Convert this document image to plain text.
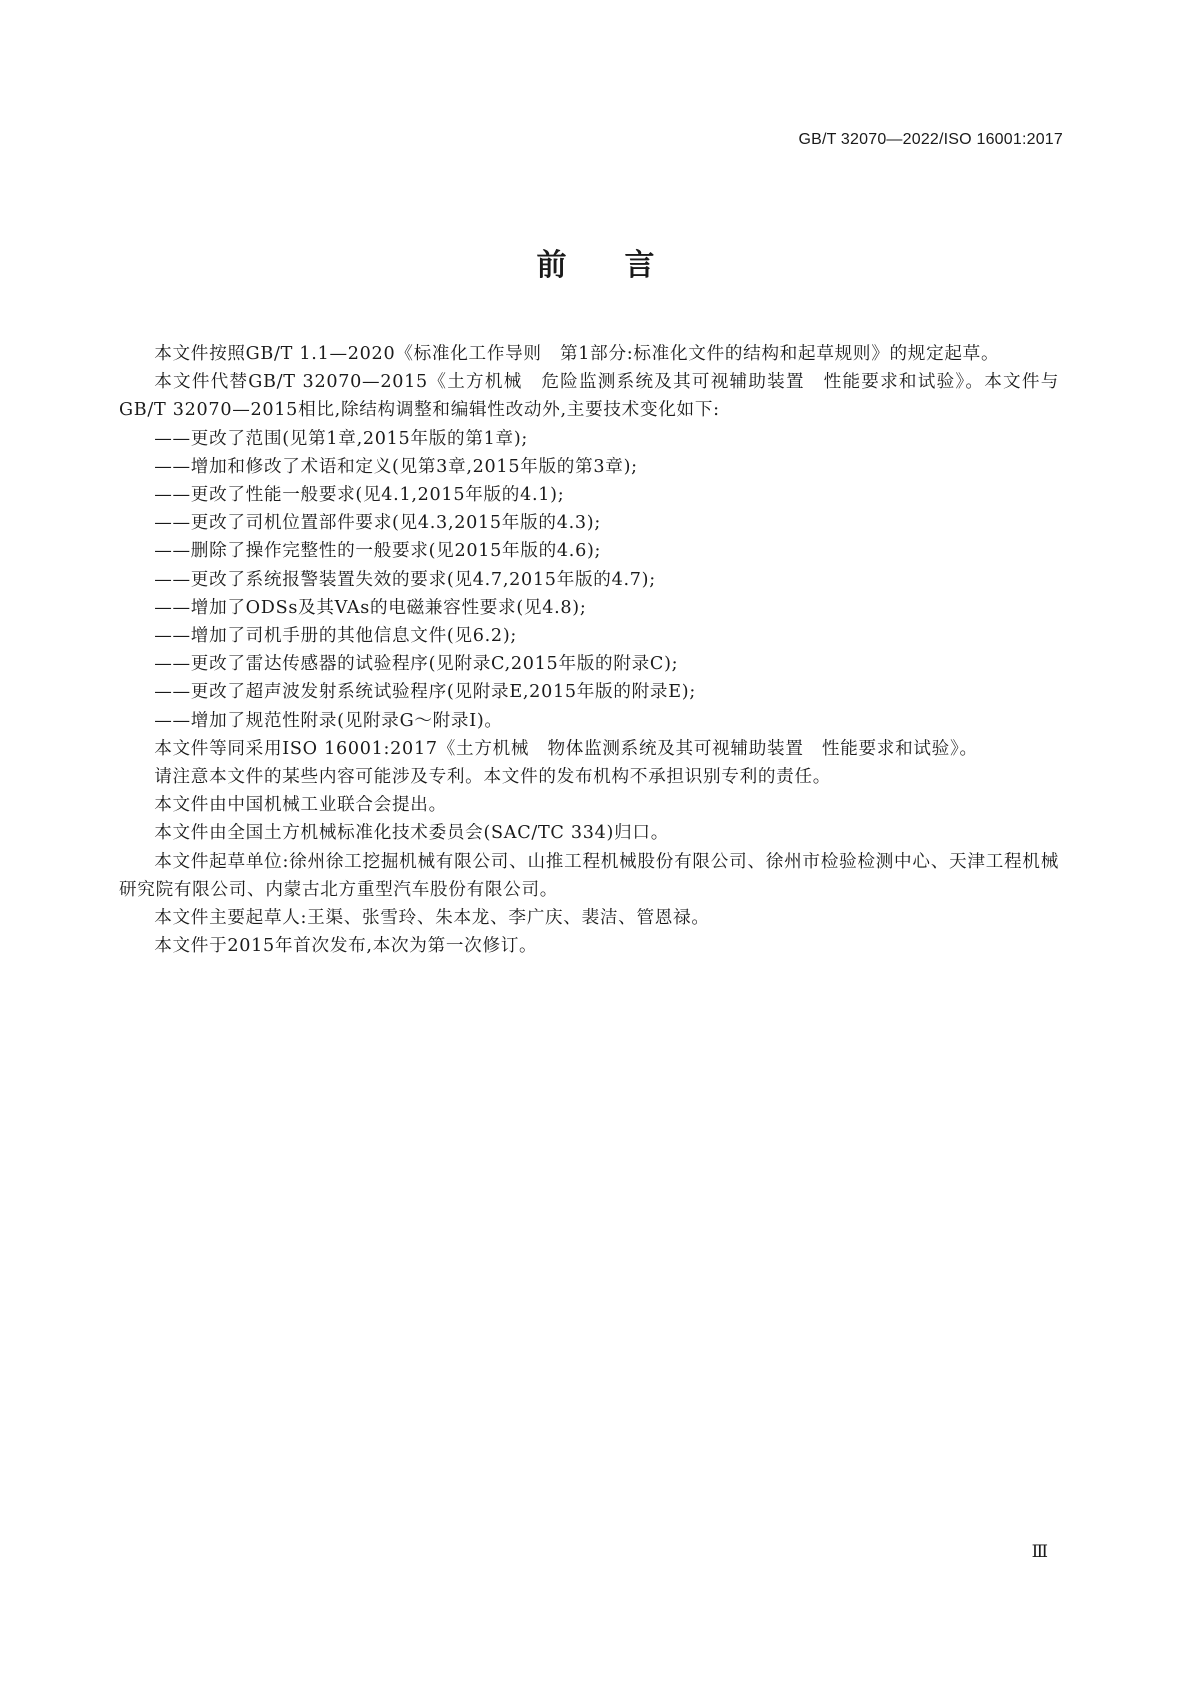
GB/T 32070—2022/ISO 16001:2017
前言

本文件按照GB/T 1.1—2020《标准化工作导则　第1部分:标准化文件的结构和起草规则》的规定起草。

本文件代替GB/T 32070—2015《土方机械　危险监测系统及其可视辅助装置　性能要求和试验》。本文件与GB/T 32070—2015相比,除结构调整和编辑性改动外,主要技术变化如下:

——更改了范围(见第1章,2015年版的第1章);
——增加和修改了术语和定义(见第3章,2015年版的第3章);
——更改了性能一般要求(见4.1,2015年版的4.1);
——更改了司机位置部件要求(见4.3,2015年版的4.3);
——删除了操作完整性的一般要求(见2015年版的4.6);
——更改了系统报警装置失效的要求(见4.7,2015年版的4.7);
——增加了ODSs及其VAs的电磁兼容性要求(见4.8);
——增加了司机手册的其他信息文件(见6.2);
——更改了雷达传感器的试验程序(见附录C,2015年版的附录C);
——更改了超声波发射系统试验程序(见附录E,2015年版的附录E);
——增加了规范性附录(见附录G～附录I)。

本文件等同采用ISO 16001:2017《土方机械　物体监测系统及其可视辅助装置　性能要求和试验》。

请注意本文件的某些内容可能涉及专利。本文件的发布机构不承担识别专利的责任。

本文件由中国机械工业联合会提出。

本文件由全国土方机械标准化技术委员会(SAC/TC 334)归口。

本文件起草单位:徐州徐工挖掘机械有限公司、山推工程机械股份有限公司、徐州市检验检测中心、天津工程机械研究院有限公司、内蒙古北方重型汽车股份有限公司。

本文件主要起草人:王渠、张雪玲、朱本龙、李广庆、裴洁、管恩禄。

本文件于2015年首次发布,本次为第一次修订。

Ⅲ
